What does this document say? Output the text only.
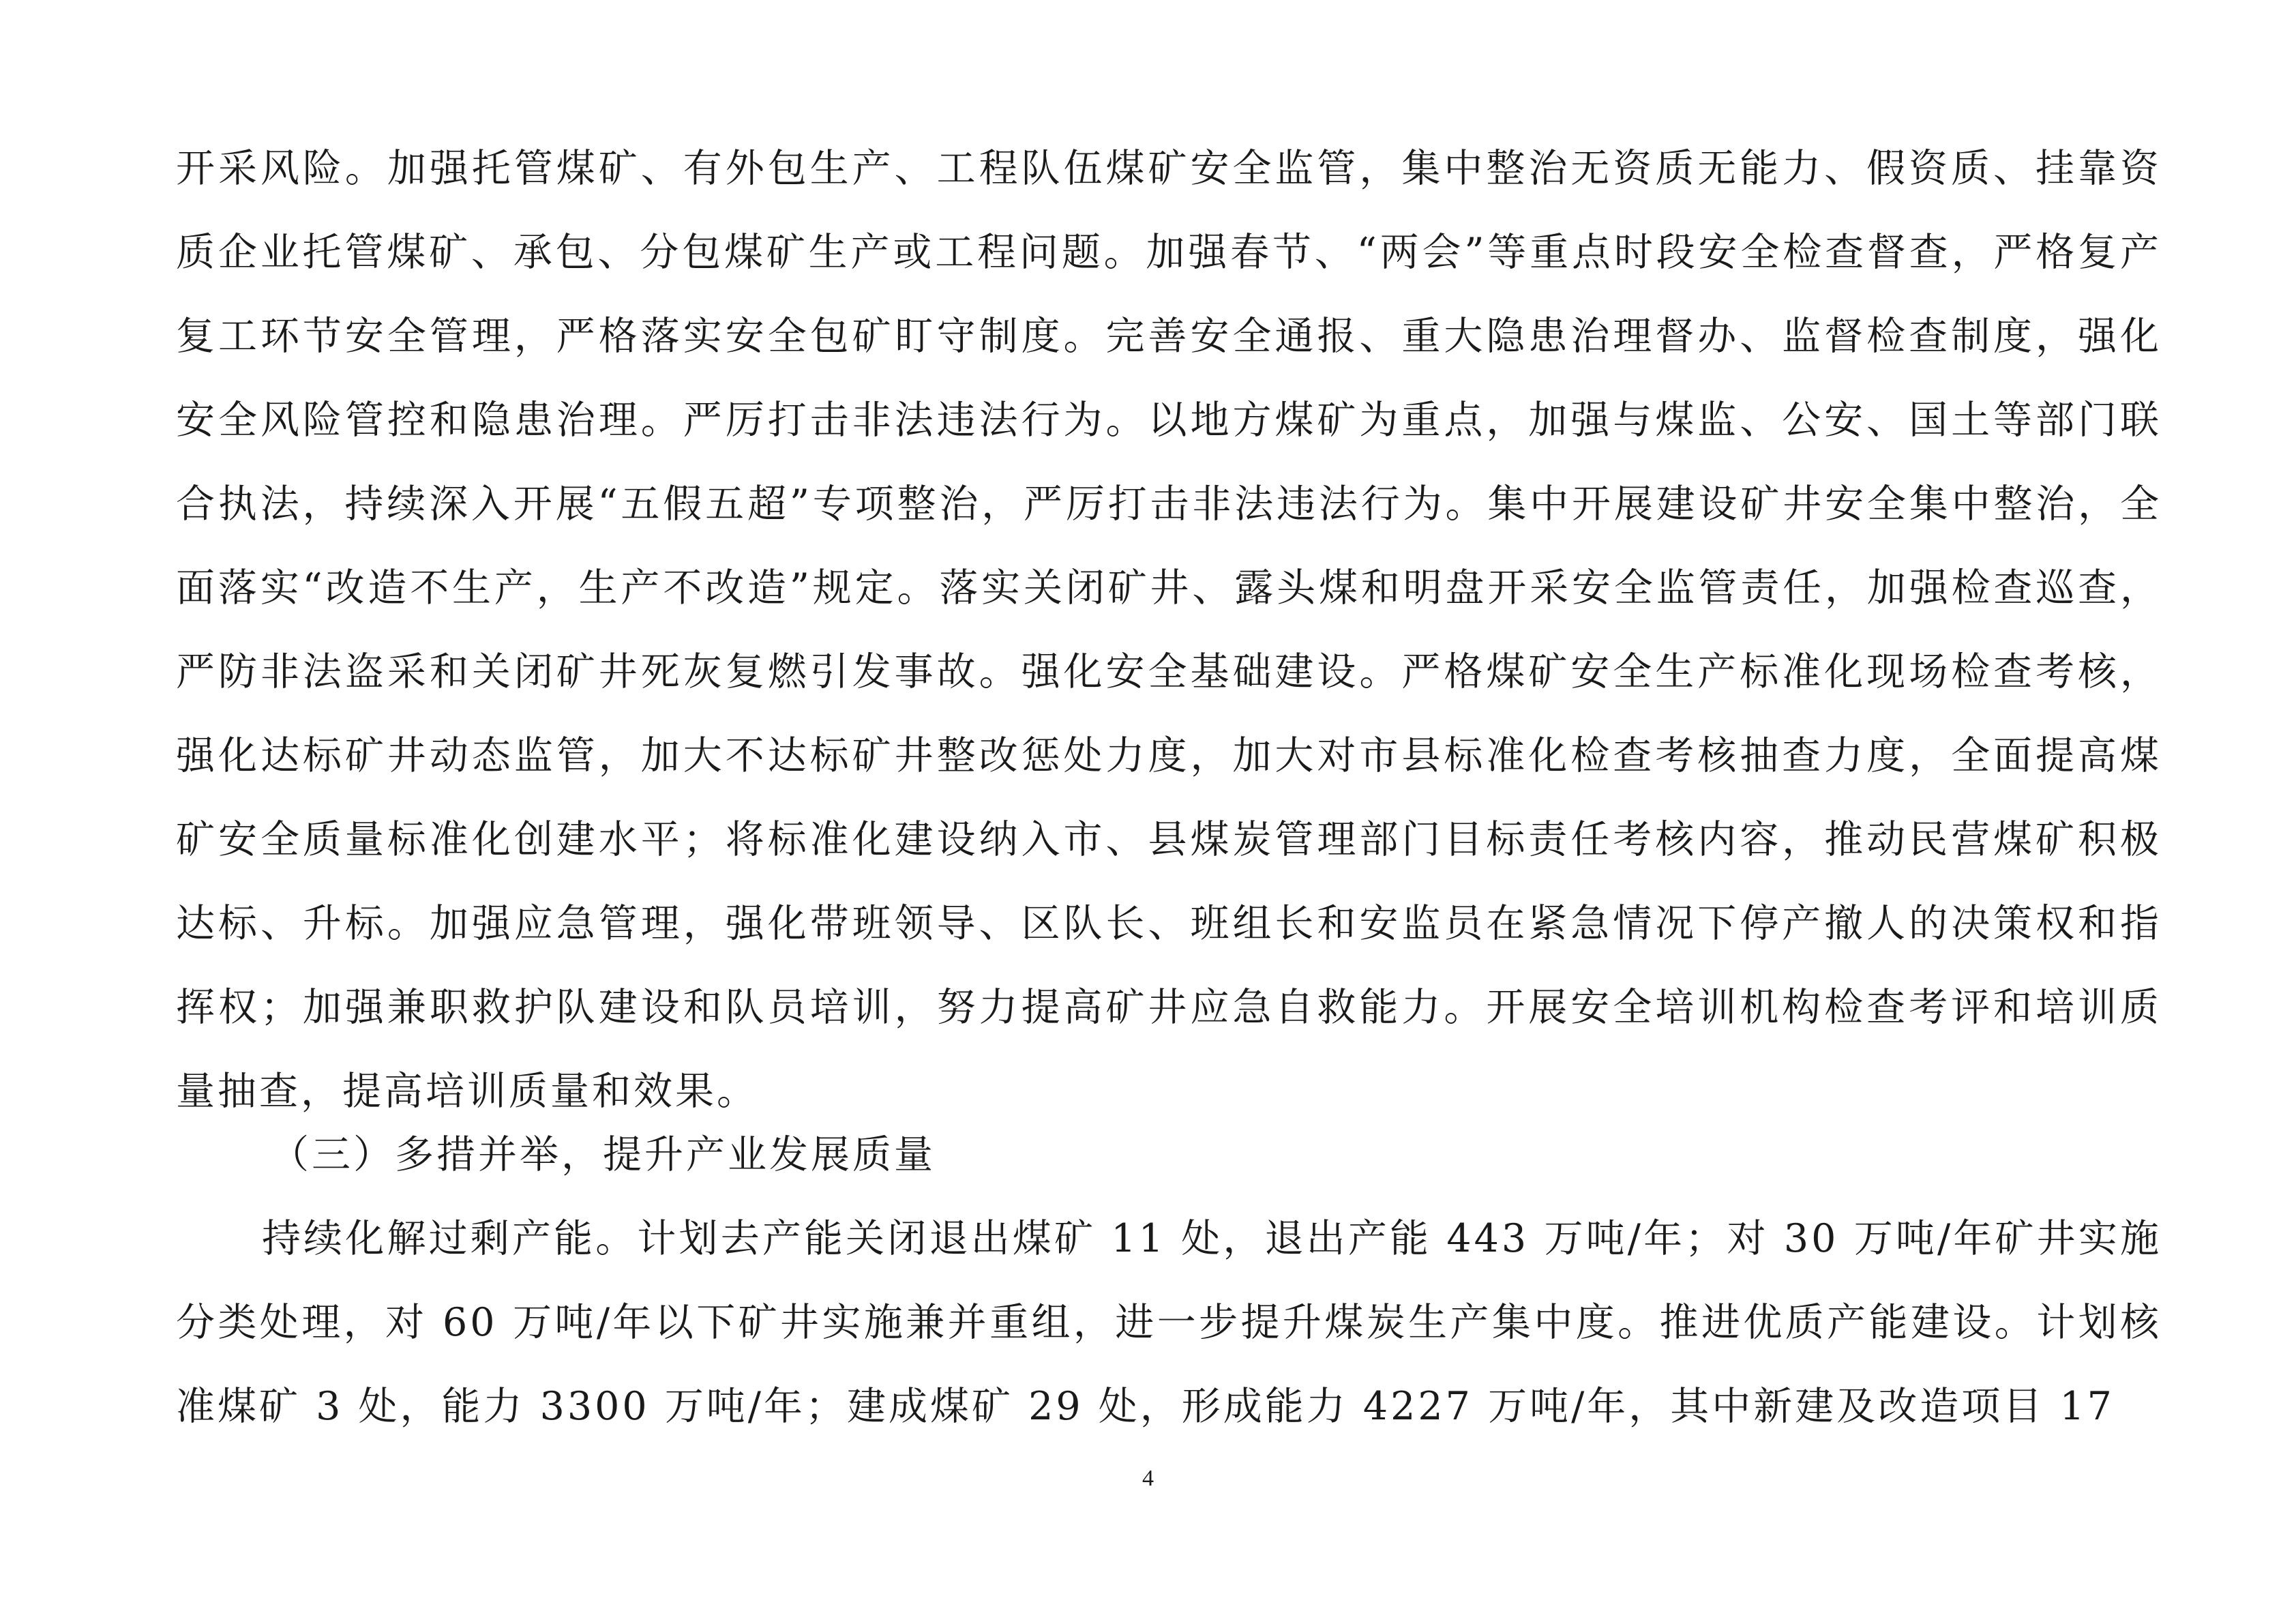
开采风险。加强托管煤矿、有外包生产、工程队伍煤矿安全监管，集中整治无资质无能力、假资质、挂靠资质企业托管煤矿、承包、分包煤矿生产或工程问题。加强春节、“两会”等重点时段安全检查督查，严格复产复工环节安全管理，严格落实安全包矿盯守制度。完善安全通报、重大隐患治理督办、监督检查制度，强化安全风险管控和隐患治理。严厉打击非法违法行为。以地方煤矿为重点，加强与煤监、公安、国土等部门联合执法，持续深入开展“五假五超”专项整治，严厉打击非法违法行为。集中开展建设矿井安全集中整治，全面落实“改造不生产，生产不改造”规定。落实关闭矿井、露头煤和明盘开采安全监管责任，加强检查巡查，严防非法盗采和关闭矿井死灰复燃引发事故。强化安全基础建设。严格煤矿安全生产标准化现场检查考核，强化达标矿井动态监管，加大不达标矿井整改惩处力度，加大对市县标准化检查考核抽查力度，全面提高煤矿安全质量标准化创建水平；将标准化建设纳入市、县煤炭管理部门目标责任考核内容，推动民营煤矿积极达标、升标。加强应急管理，强化带班领导、区队长、班组长和安监员在紧急情况下停产撤人的决策权和指挥权；加强兼职救护队建设和队员培训，努力提高矿井应急自救能力。开展安全培训机构检查考评和培训质量抽查，提高培训质量和效果。

（三）多措并举，提升产业发展质量

持续化解过剩产能。计划去产能关闭退出煤矿 11 处，退出产能 443 万吨/年；对 30 万吨/年矿井实施分类处理，对 60 万吨/年以下矿井实施兼并重组，进一步提升煤炭生产集中度。推进优质产能建设。计划核准煤矿 3 处，能力 3300 万吨/年；建成煤矿 29 处，形成能力 4227 万吨/年，其中新建及改造项目 17

4
